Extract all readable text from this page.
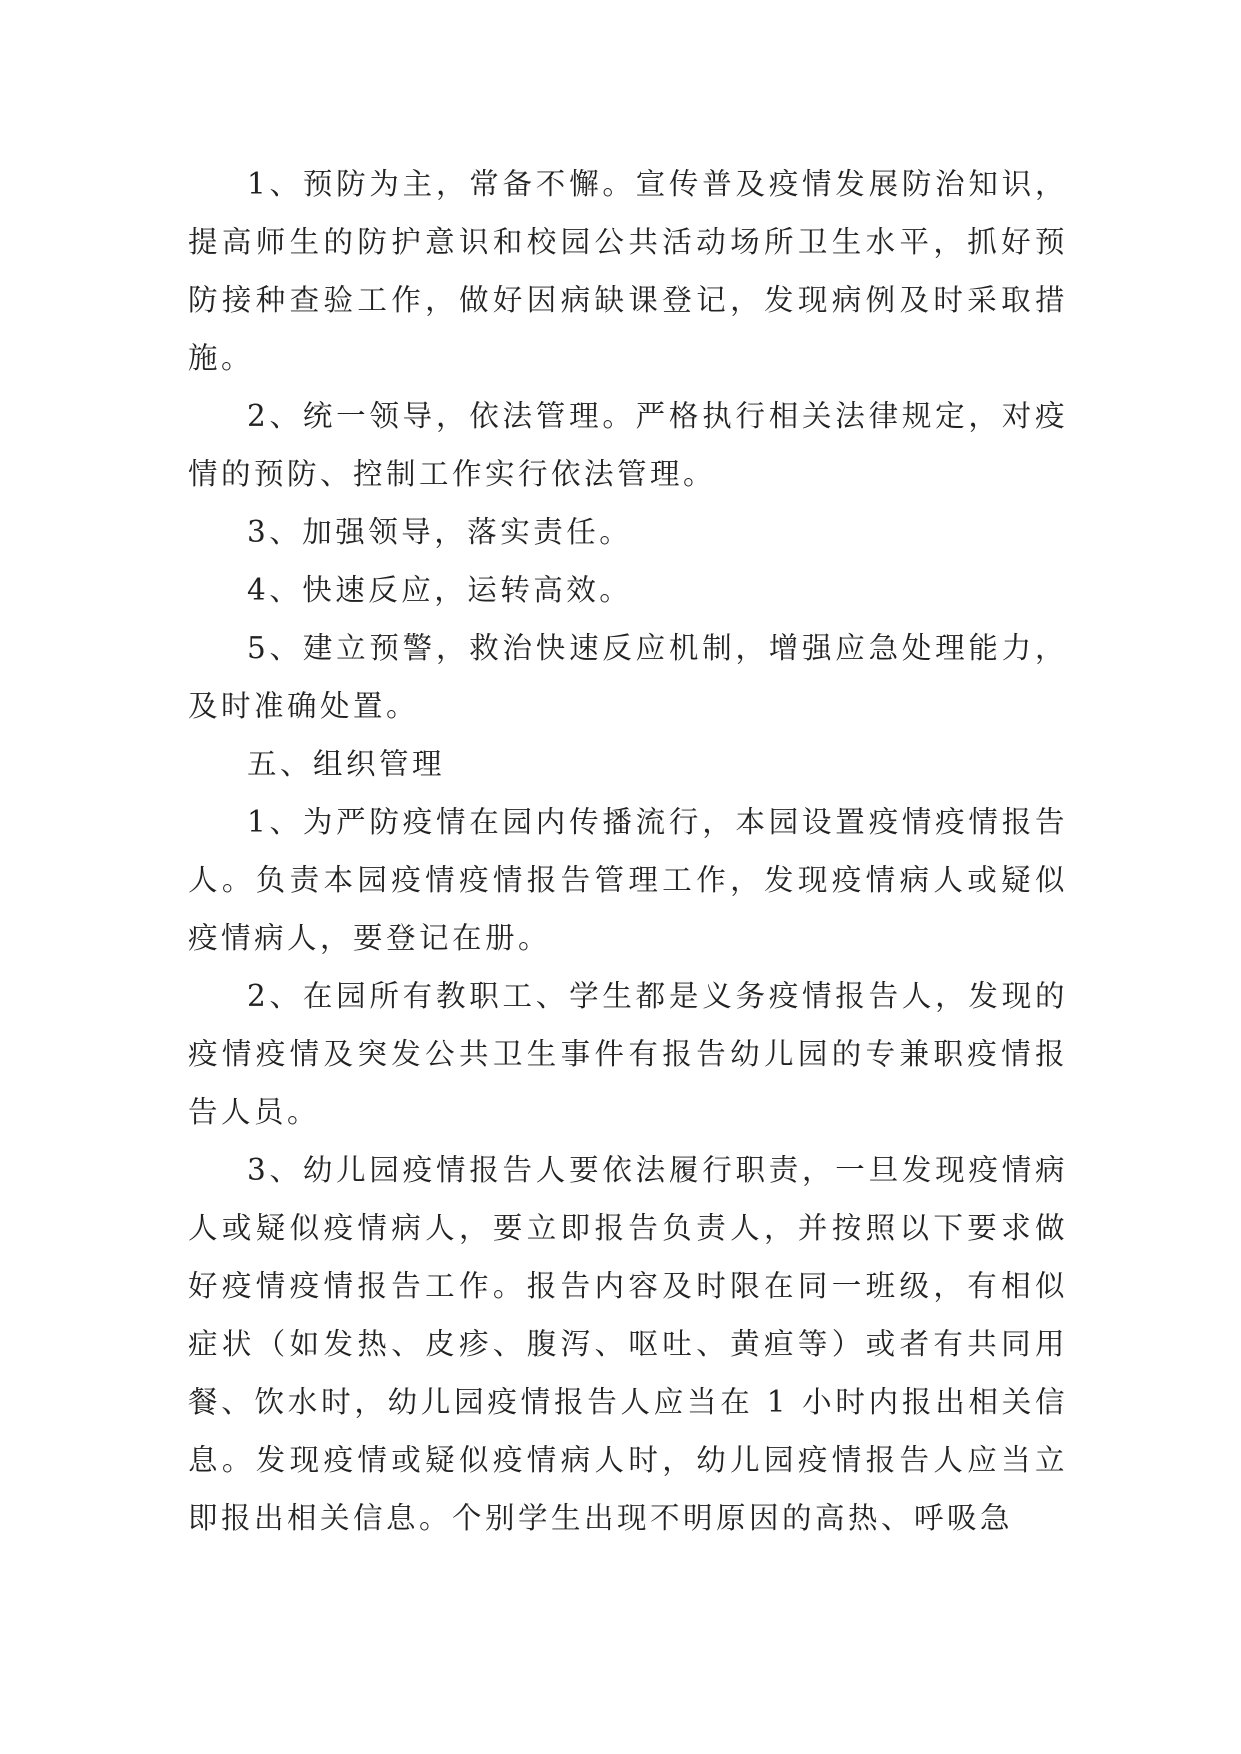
1、预防为主，常备不懈。宣传普及疫情发展防治知识，提高师生的防护意识和校园公共活动场所卫生水平，抓好预防接种查验工作，做好因病缺课登记，发现病例及时采取措施。

2、统一领导，依法管理。严格执行相关法律规定，对疫情的预防、控制工作实行依法管理。

3、加强领导，落实责任。

4、快速反应，运转高效。

5、建立预警，救治快速反应机制，增强应急处理能力，及时准确处置。

五、组织管理

1、为严防疫情在园内传播流行，本园设置疫情疫情报告人。负责本园疫情疫情报告管理工作，发现疫情病人或疑似疫情病人，要登记在册。

2、在园所有教职工、学生都是义务疫情报告人，发现的疫情疫情及突发公共卫生事件有报告幼儿园的专兼职疫情报告人员。

3、幼儿园疫情报告人要依法履行职责，一旦发现疫情病人或疑似疫情病人，要立即报告负责人，并按照以下要求做好疫情疫情报告工作。报告内容及时限在同一班级，有相似症状（如发热、皮疹、腹泻、呕吐、黄疸等）或者有共同用餐、饮水时，幼儿园疫情报告人应当在 1 小时内报出相关信息。发现疫情或疑似疫情病人时，幼儿园疫情报告人应当立即报出相关信息。个别学生出现不明原因的高热、呼吸急
